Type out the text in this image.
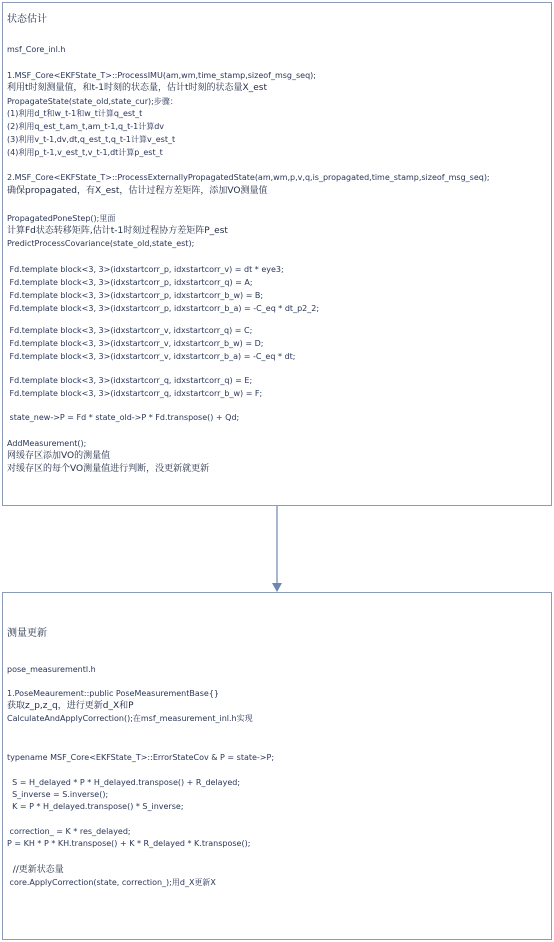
状态估计
msf_Core_inl.h
1.MSF_Core<EKFState_T>::ProcessIMU(am,wm,time_stamp,sizeof_msg_seq);
利用t时刻测量值，和t-1时刻的状态量，估计t时刻的状态量X_est
PropagateState(state_old,state_cur);步骤：
(1)利用d_t和w_t-1和w_t计算q_est_t
(2)利用q_est_t,am_t,am_t-1,q_t-1计算dv
(3)利用v_t-1,dv,dt,q_est_t,q_t-1计算v_est_t
(4)利用p_t-1,v_est_t,v_t-1,dt计算p_est_t
2.MSF_Core<EKFState_T>::ProcessExternallyPropagatedState(am,wm,p,v,q,is_propagated,time_stamp,sizeof_msg_seq);
确保propagated，有X_est，估计过程方差矩阵，添加VO测量值
PropagatedPoneStep();里面
计算Fd状态转移矩阵,估计t-1时刻过程协方差矩阵P_est
PredictProcessCovariance(state_old,state_est);
Fd.template block<3, 3>(idxstartcorr_p, idxstartcorr_v) = dt * eye3;
Fd.template block<3, 3>(idxstartcorr_p, idxstartcorr_q) = A;
Fd.template block<3, 3>(idxstartcorr_p, idxstartcorr_b_w) = B;
Fd.template block<3, 3>(idxstartcorr_p, idxstartcorr_b_a) = -C_eq * dt_p2_2;
Fd.template block<3, 3>(idxstartcorr_v, idxstartcorr_q) = C;
Fd.template block<3, 3>(idxstartcorr_v, idxstartcorr_b_w) = D;
Fd.template block<3, 3>(idxstartcorr_v, idxstartcorr_b_a) = -C_eq * dt;
Fd.template block<3, 3>(idxstartcorr_q, idxstartcorr_q) = E;
Fd.template block<3, 3>(idxstartcorr_q, idxstartcorr_b_w) = F;
state_new->P = Fd * state_old->P * Fd.transpose() + Qd;
AddMeasurement();
网缓存区添加VO的测量值
对缓存区的每个VO测量值进行判断，没更新就更新
测量更新
pose_measurementl.h
1.PoseMeaurement::public PoseMeasurementBase{}
获取z_p,z_q，进行更新d_X和P
CalculateAndApplyCorrection();在msf_measurement_inl.h实现
typename MSF_Core<EKFState_T>::ErrorStateCov & P = state->P;
S = H_delayed * P * H_delayed.transpose() + R_delayed;
S_inverse = S.inverse();
K = P * H_delayed.transpose() * S_inverse;
correction_ = K * res_delayed;
P = KH * P * KH.transpose() + K * R_delayed * K.transpose();
//更新状态量
core.ApplyCorrection(state, correction_);用d_X更新X
